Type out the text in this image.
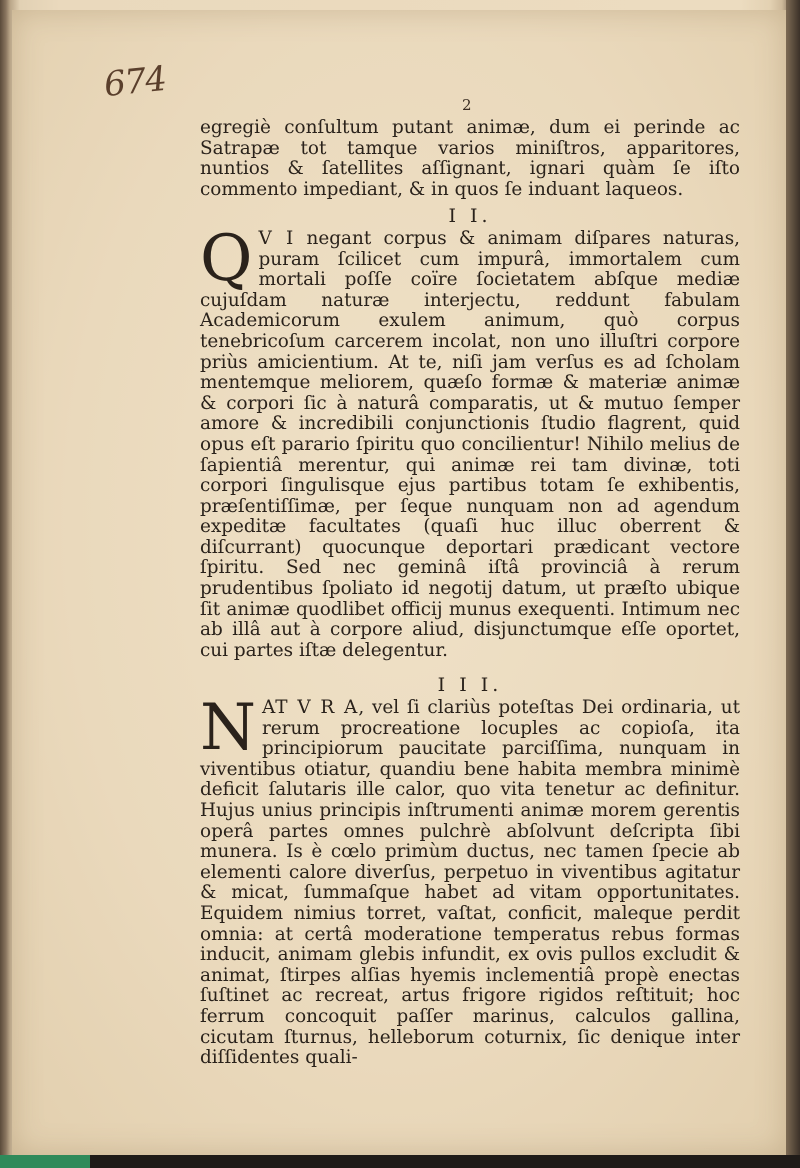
674	2

egregiè conſultum putant animæ, dum ei perinde ac Satrapæ tot tamque varios miniſtros, apparitores, nuntios & ſatellites aſſignant, ignari quàm ſe iſto commento impediant, & in quos ſe induant laqueos.

I I.

Q V I negant corpus & animam diſpares naturas, puram ſcilicet cum impurâ, immortalem cum mortali poſſe coïre ſocietatem abſque mediæ cujuſdam naturæ interjectu, reddunt fabulam Academicorum exulem animum, quò corpus tenebricoſum carcerem incolat, non uno illuſtri corpore priùs amicientium. At te, niſi jam verſus es ad ſcholam mentemque meliorem, quæſo formæ & materiæ animæ & corpori ſic à naturâ comparatis, ut & mutuo ſemper amore & incredibili conjunctionis ſtudio flagrent, quid opus eſt parario ſpiritu quo concilientur! Nihilo melius de ſapientiâ merentur, qui animæ rei tam divinæ, toti corpori ſingulisque ejus partibus totam ſe exhibentis, præſentiſſimæ, per ſeque nunquam non ad agendum expeditæ facultates (quaſi huc illuc oberrent & diſcurrant) quocunque deportari prædicant vectore ſpiritu. Sed nec geminâ iſtâ provinciâ à rerum prudentibus ſpoliato id negotij datum, ut præſto ubique ſit animæ quodlibet officij munus exequenti. Intimum nec ab illâ aut à corpore aliud, disjunctumque eſſe oportet, cui partes iſtæ delegentur.

I I I.

NAT V R A, vel ſi clariùs poteſtas Dei ordinaria, ut rerum procreatione locuples ac copioſa, ita principiorum paucitate parciſſima, nunquam in viventibus otiatur, quandiu bene habita membra minimè deficit ſalutaris ille calor, quo vita tenetur ac definitur. Hujus unius principis inſtrumenti animæ morem gerentis operâ partes omnes pulchrè abſolvunt deſcripta ſibi munera. Is è cœlo primùm ductus, nec tamen ſpecie ab elementi calore diverſus, perpetuo in viventibus agitatur & micat, ſummaſque habet ad vitam opportunitates. Equidem nimius torret, vaſtat, conficit, maleque perdit omnia: at certâ moderatione temperatus rebus formas inducit, animam glebis infundit, ex ovis pullos excludit & animat, ſtirpes alſias hyemis inclementiâ propè enectas ſuſtinet ac recreat, artus frigore rigidos reſtituit; hoc ferrum concoquit paſſer marinus, calculos gallina, cicutam ſturnus, helleborum coturnix, ſic denique inter diſſidentes quali-
